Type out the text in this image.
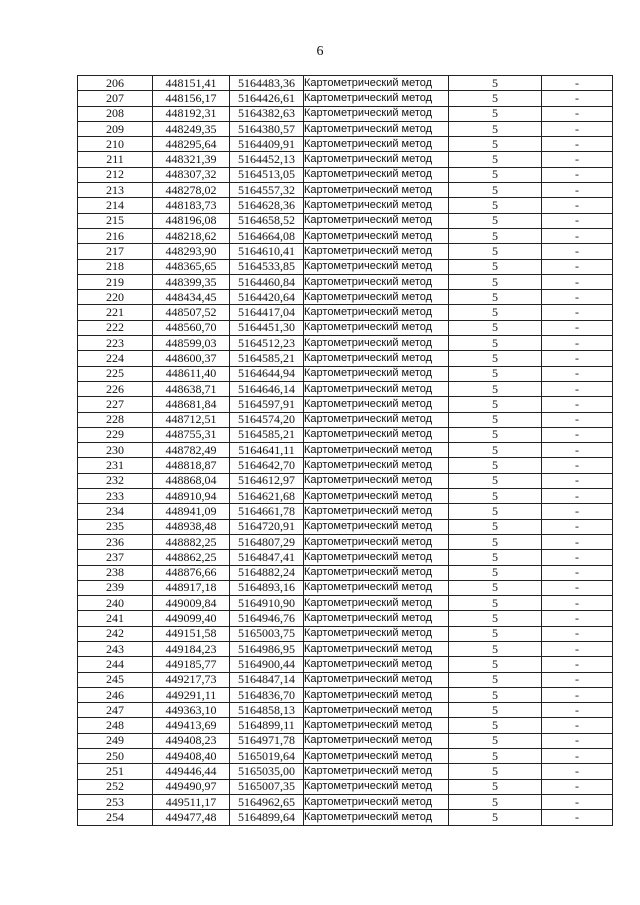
6
206	448151,41	5164483,36	Картометрический метод	5	-
207	448156,17	5164426,61	Картометрический метод	5	-
208	448192,31	5164382,63	Картометрический метод	5	-
209	448249,35	5164380,57	Картометрический метод	5	-
210	448295,64	5164409,91	Картометрический метод	5	-
211	448321,39	5164452,13	Картометрический метод	5	-
212	448307,32	5164513,05	Картометрический метод	5	-
213	448278,02	5164557,32	Картометрический метод	5	-
214	448183,73	5164628,36	Картометрический метод	5	-
215	448196,08	5164658,52	Картометрический метод	5	-
216	448218,62	5164664,08	Картометрический метод	5	-
217	448293,90	5164610,41	Картометрический метод	5	-
218	448365,65	5164533,85	Картометрический метод	5	-
219	448399,35	5164460,84	Картометрический метод	5	-
220	448434,45	5164420,64	Картометрический метод	5	-
221	448507,52	5164417,04	Картометрический метод	5	-
222	448560,70	5164451,30	Картометрический метод	5	-
223	448599,03	5164512,23	Картометрический метод	5	-
224	448600,37	5164585,21	Картометрический метод	5	-
225	448611,40	5164644,94	Картометрический метод	5	-
226	448638,71	5164646,14	Картометрический метод	5	-
227	448681,84	5164597,91	Картометрический метод	5	-
228	448712,51	5164574,20	Картометрический метод	5	-
229	448755,31	5164585,21	Картометрический метод	5	-
230	448782,49	5164641,11	Картометрический метод	5	-
231	448818,87	5164642,70	Картометрический метод	5	-
232	448868,04	5164612,97	Картометрический метод	5	-
233	448910,94	5164621,68	Картометрический метод	5	-
234	448941,09	5164661,78	Картометрический метод	5	-
235	448938,48	5164720,91	Картометрический метод	5	-
236	448882,25	5164807,29	Картометрический метод	5	-
237	448862,25	5164847,41	Картометрический метод	5	-
238	448876,66	5164882,24	Картометрический метод	5	-
239	448917,18	5164893,16	Картометрический метод	5	-
240	449009,84	5164910,90	Картометрический метод	5	-
241	449099,40	5164946,76	Картометрический метод	5	-
242	449151,58	5165003,75	Картометрический метод	5	-
243	449184,23	5164986,95	Картометрический метод	5	-
244	449185,77	5164900,44	Картометрический метод	5	-
245	449217,73	5164847,14	Картометрический метод	5	-
246	449291,11	5164836,70	Картометрический метод	5	-
247	449363,10	5164858,13	Картометрический метод	5	-
248	449413,69	5164899,11	Картометрический метод	5	-
249	449408,23	5164971,78	Картометрический метод	5	-
250	449408,40	5165019,64	Картометрический метод	5	-
251	449446,44	5165035,00	Картометрический метод	5	-
252	449490,97	5165007,35	Картометрический метод	5	-
253	449511,17	5164962,65	Картометрический метод	5	-
254	449477,48	5164899,64	Картометрический метод	5	-
